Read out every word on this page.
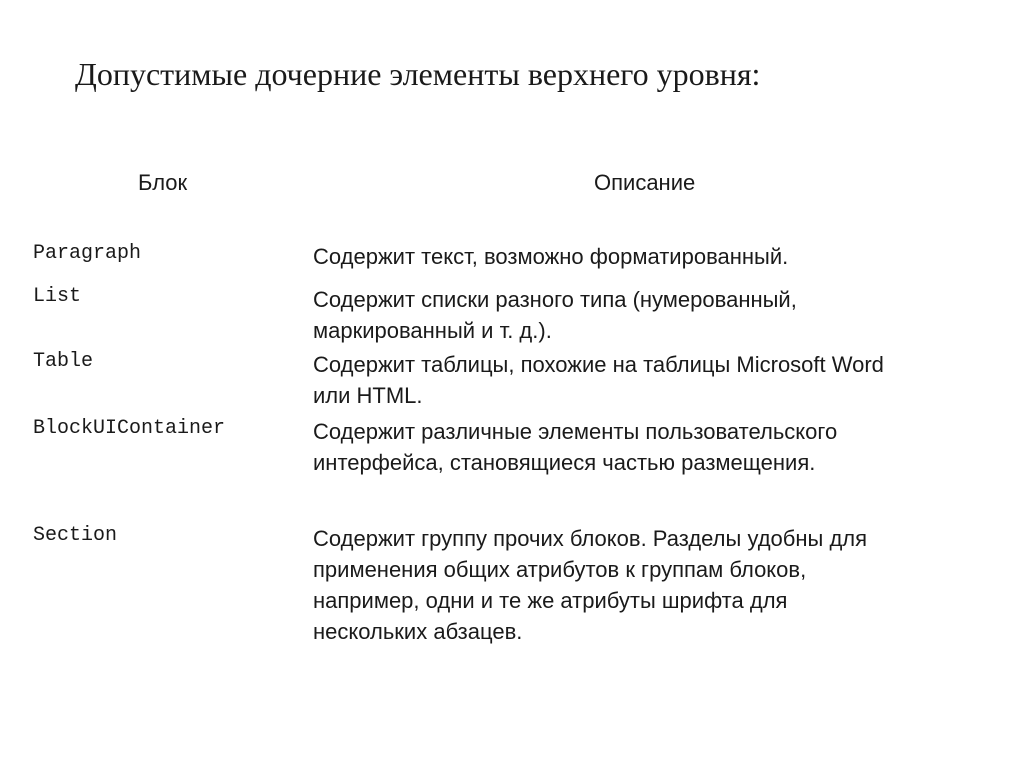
Допустимые дочерние элементы верхнего уровня:
Блок	Описание
Paragraph	Содержит текст, возможно форматированный.
List	Содержит списки разного типа (нумерованный,
маркированный и т. д.).
Table	Содержит таблицы, похожие на таблицы Microsoft Word
или HTML.
BlockUIContainer	Содержит различные элементы пользовательского
интерфейса, становящиеся частью размещения.
Section	Содержит группу прочих блоков. Разделы удобны для
применения общих атрибутов к группам блоков,
например, одни и те же атрибуты шрифта для
нескольких абзацев.
